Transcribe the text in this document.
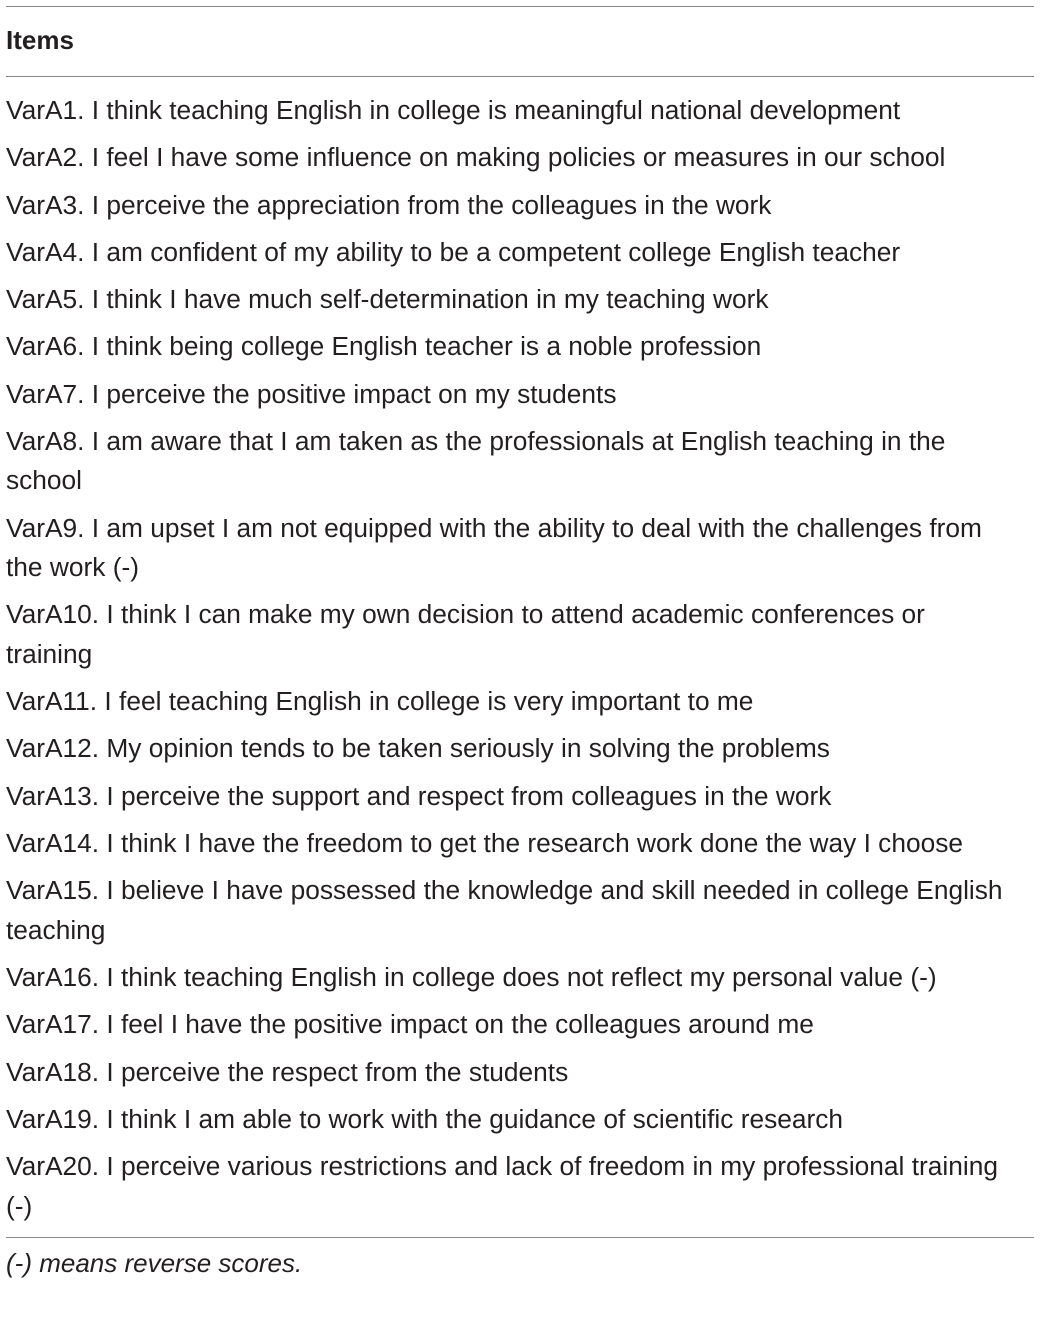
Items
VarA1. I think teaching English in college is meaningful national development
VarA2. I feel I have some influence on making policies or measures in our school
VarA3. I perceive the appreciation from the colleagues in the work
VarA4. I am confident of my ability to be a competent college English teacher
VarA5. I think I have much self-determination in my teaching work
VarA6. I think being college English teacher is a noble profession
VarA7. I perceive the positive impact on my students
VarA8. I am aware that I am taken as the professionals at English teaching in the school
VarA9. I am upset I am not equipped with the ability to deal with the challenges from the work (-)
VarA10. I think I can make my own decision to attend academic conferences or training
VarA11. I feel teaching English in college is very important to me
VarA12. My opinion tends to be taken seriously in solving the problems
VarA13. I perceive the support and respect from colleagues in the work
VarA14. I think I have the freedom to get the research work done the way I choose
VarA15. I believe I have possessed the knowledge and skill needed in college English teaching
VarA16. I think teaching English in college does not reflect my personal value (-)
VarA17. I feel I have the positive impact on the colleagues around me
VarA18. I perceive the respect from the students
VarA19. I think I am able to work with the guidance of scientific research
VarA20. I perceive various restrictions and lack of freedom in my professional training (-)
(-) means reverse scores.
